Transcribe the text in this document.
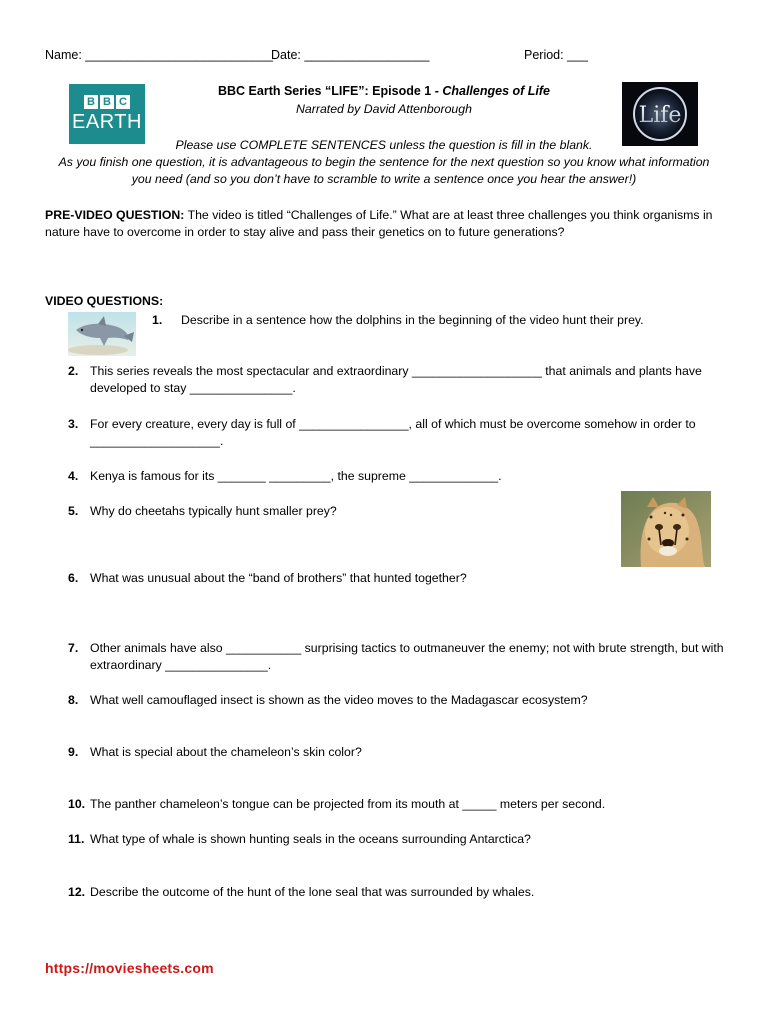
Name: ___________________________
Date: __________________	Period: ___
B B C
EARTH	Life
BBC Earth Series “LIFE”: Episode 1 - Challenges of Life
Narrated by David Attenborough
Please use COMPLETE SENTENCES unless the question is fill in the blank.
As you finish one question, it is advantageous to begin the sentence for the next question so you know what information
you need (and so you don’t have to scramble to write a sentence once you hear the answer!)
PRE-VIDEO QUESTION: The video is titled “Challenges of Life.” What are at least three challenges you think organisms in nature have to overcome in order to stay alive and pass their genetics on to future generations?
VIDEO QUESTIONS:
1.	Describe in a sentence how the dolphins in the beginning of the video hunt their prey.
2. This series reveals the most spectacular and extraordinary ___________________ that animals and plants have developed to stay _______________.
3. For every creature, every day is full of ________________, all of which must be overcome somehow in order to ___________________.
4. Kenya is famous for its _______ _________, the supreme _____________.
5. Why do cheetahs typically hunt smaller prey?
6. What was unusual about the “band of brothers” that hunted together?
7. Other animals have also ___________ surprising tactics to outmaneuver the enemy; not with brute strength, but with extraordinary _______________.
8. What well camouflaged insect is shown as the video moves to the Madagascar ecosystem?
9. What is special about the chameleon’s skin color?
10. The panther chameleon’s tongue can be projected from its mouth at _____ meters per second.
11. What type of whale is shown hunting seals in the oceans surrounding Antarctica?
12. Describe the outcome of the hunt of the lone seal that was surrounded by whales.
https://moviesheets.com
